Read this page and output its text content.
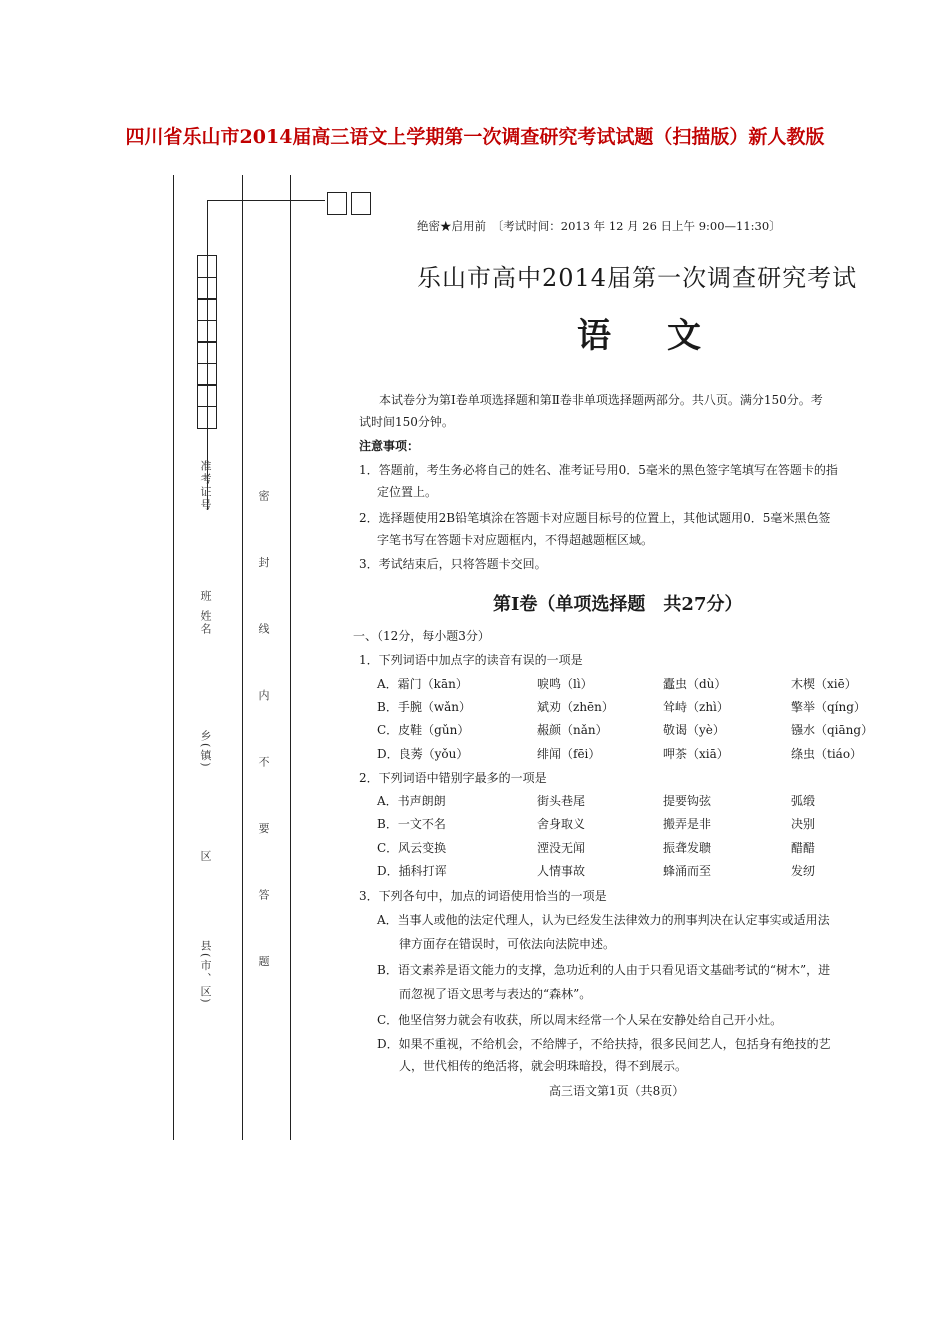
四川省乐山市2014届高三语文上学期第一次调查研究考试试题（扫描版）新人教版
准考证号
姓名
班
乡(镇)
区
县(市、区)	密 封 线 内 不 要 答 题
绝密★启用前　〔考试时间：2013 年 12 月 26 日上午 9:00—11:30〕
乐山市高中2014届第一次调查研究考试
语文
本试卷分为第Ⅰ卷单项选择题和第Ⅱ卷非单项选择题两部分。共八页。满分150分。考
试时间150分钟。
注意事项：
1．答题前，考生务必将自己的姓名、准考证号用0．5毫米的黑色签字笔填写在答题卡的指
定位置上。
2．选择题使用2B铅笔填涂在答题卡对应题目标号的位置上，其他试题用0．5毫米黑色签
字笔书写在答题卡对应题框内，不得超越题框区域。
3．考试结束后，只将答题卡交回。
第Ⅰ卷（单项选择题　共27分）
一、（12分，每小题3分）
1．下列词语中加点字的读音有误的一项是
A．霜门（kān）	唳鸣（lì）	蠹虫（dù）	木楔（xiē）
B．手腕（wǎn）	斌劝（zhēn）	耸峙（zhì）	擎举（qíng）
C．皮鞋（gǔn）	赧颜（nǎn）	敬谒（yè）	镪水（qiāng）
D．良莠（yǒu）	绯闻（fēi）	呷茶（xiā）	绦虫（tiáo）
2．下列词语中错别字最多的一项是
A．书声朗朗	街头巷尾	提要钩弦	弧缎
B．一文不名	舍身取义	搬弄是非	决别
C．风云变换	湮没无闻	振聋发聩	醋醋
D．插科打诨	人情事故	蜂涌而至	发纫
3．下列各句中，加点的词语使用恰当的一项是
A．当事人或他的法定代理人，认为已经发生法律效力的刑事判决在认定事实或适用法
律方面存在错误时，可依法向法院申述。
B．语文素养是语文能力的支撑，急功近利的人由于只看见语文基础考试的“树木”，进
而忽视了语文思考与表达的“森林”。
C．他坚信努力就会有收获，所以周末经常一个人呆在安静处给自己开小灶。
D．如果不重视，不给机会，不给牌子，不给扶持，很多民间艺人，包括身有绝技的艺
人，世代相传的绝活将，就会明珠暗投，得不到展示。
高三语文第1页（共8页）
